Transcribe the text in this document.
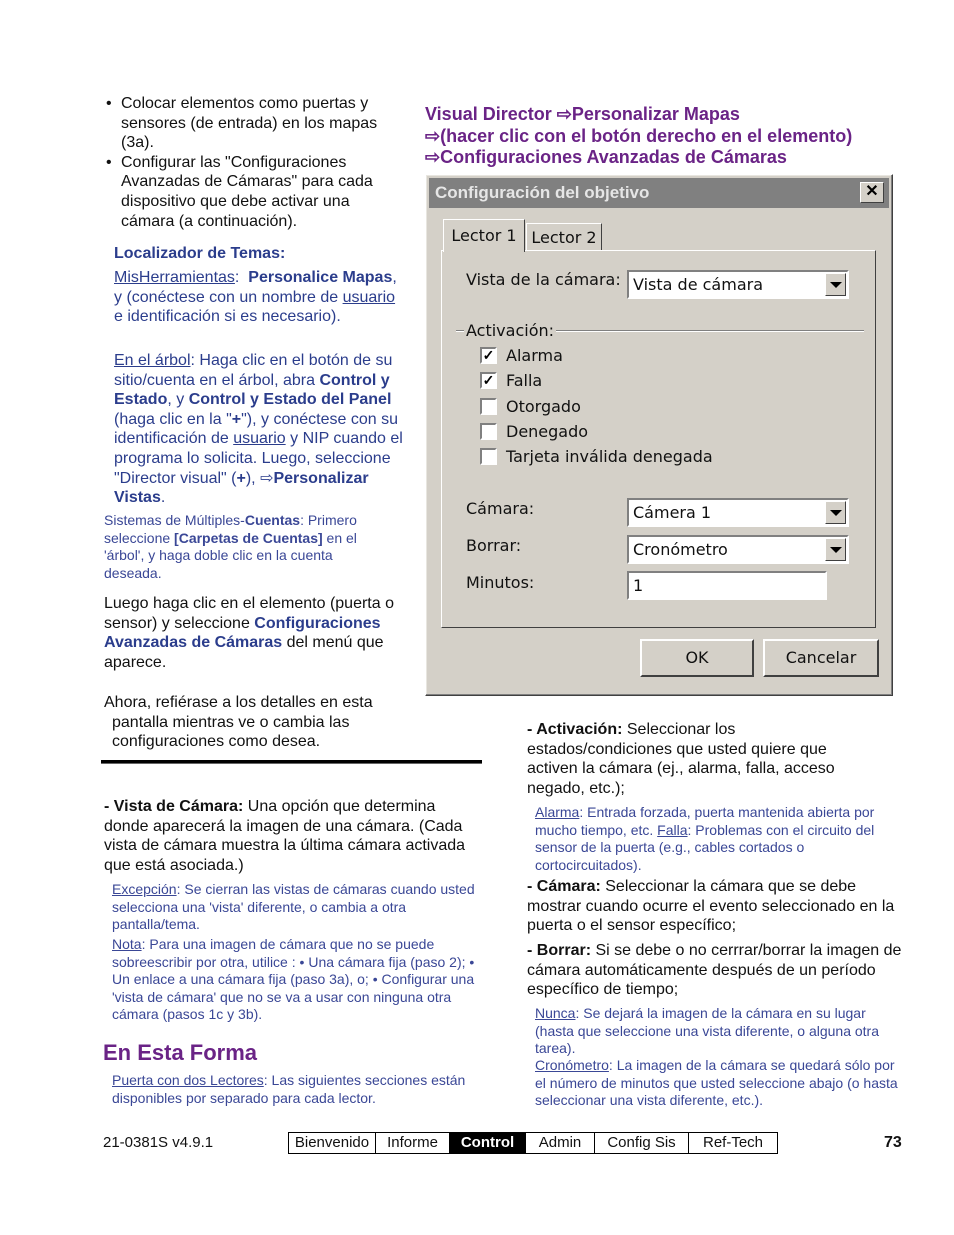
• Colocar elementos como puertas y sensores (de entrada) en los mapas (3a).
• Configurar las "Configuraciones Avanzadas de Cámaras" para cada dispositivo que debe activar una cámara (a continuación).

Localizador de Temas:

MisHerramientas: Personalice Mapas, y (conéctese con un nombre de usuario e identificación si es necesario).

En el árbol: Haga clic en el botón de su sitio/cuenta en el árbol, abra Control y Estado, y Control y Estado del Panel (haga clic en la "+"), y conéctese con su identificación de usuario y NIP cuando el programa lo solicita. Luego, seleccione "Director visual" (+), ⇨Personalizar Vistas.

Sistemas de Múltiples-Cuentas: Primero seleccione [Carpetas de Cuentas] en el 'árbol', y haga doble clic en la cuenta deseada.

Luego haga clic en el elemento (puerta o sensor) y seleccione Configuraciones Avanzadas de Cámaras del menú que aparece.

Ahora, refiérase a los detalles en esta pantalla mientras ve o cambia las configuraciones como desea.

- Vista de Cámara: Una opción que determina donde aparecerá la imagen de una cámara. (Cada vista de cámara muestra la última cámara activada que está asociada.)

Excepción: Se cierran las vistas de cámaras cuando usted selecciona una 'vista' diferente, o cambia a otra pantalla/tema.

Nota: Para una imagen de cámara que no se puede sobreescribir por otra, utilice : • Una cámara fija (paso 2); • Un enlace a una cámara fija (paso 3a), o; • Configurar una 'vista de cámara' que no se va a usar con ninguna otra cámara (pasos 1c y 3b).

En Esta Forma

Puerta con dos Lectores: Las siguientes secciones están disponibles por separado para cada lector.

Visual Director ⇨Personalizar Mapas
⇨(hacer clic con el botón derecho en el elemento)
⇨Configuraciones Avanzadas de Cámaras
Configuración del objetivo	✕
Lector 1 Lector 2
Vista de la cámara: Vista de cámara
Activación:
✓ Alarma
✓ Falla
Otorgado
Denegado
Tarjeta inválida denegada
Cámara:	Cámera 1
Borrar:	Cronómetro
Minutos:	1
OK	Cancelar

- Activación: Seleccionar los estados/condiciones que usted quiere que activen la cámara (ej., alarma, falla, acceso negado, etc.);

Alarma: Entrada forzada, puerta mantenida abierta por mucho tiempo, etc. Falla: Problemas con el circuito del sensor de la puerta (e.g., cables cortados o cortocircuitados).

- Cámara: Seleccionar la cámara que se debe mostrar cuando ocurre el evento seleccionado en la puerta o el sensor específico;

- Borrar: Si se debe o no cerrrar/borrar la imagen de cámara automáticamente después de un período específico de tiempo;

Nunca: Se dejará la imagen de la cámara en su lugar (hasta que seleccione una vista diferente, o alguna otra tarea).

Cronómetro: La imagen de la cámara se quedará sólo por el número de minutos que usted seleccione abajo (o hasta seleccionar una vista diferente, etc.).

21-0381S v4.9.1	Bienvenido	Informe	Control	Admin	Config Sis	Ref-Tech	73
